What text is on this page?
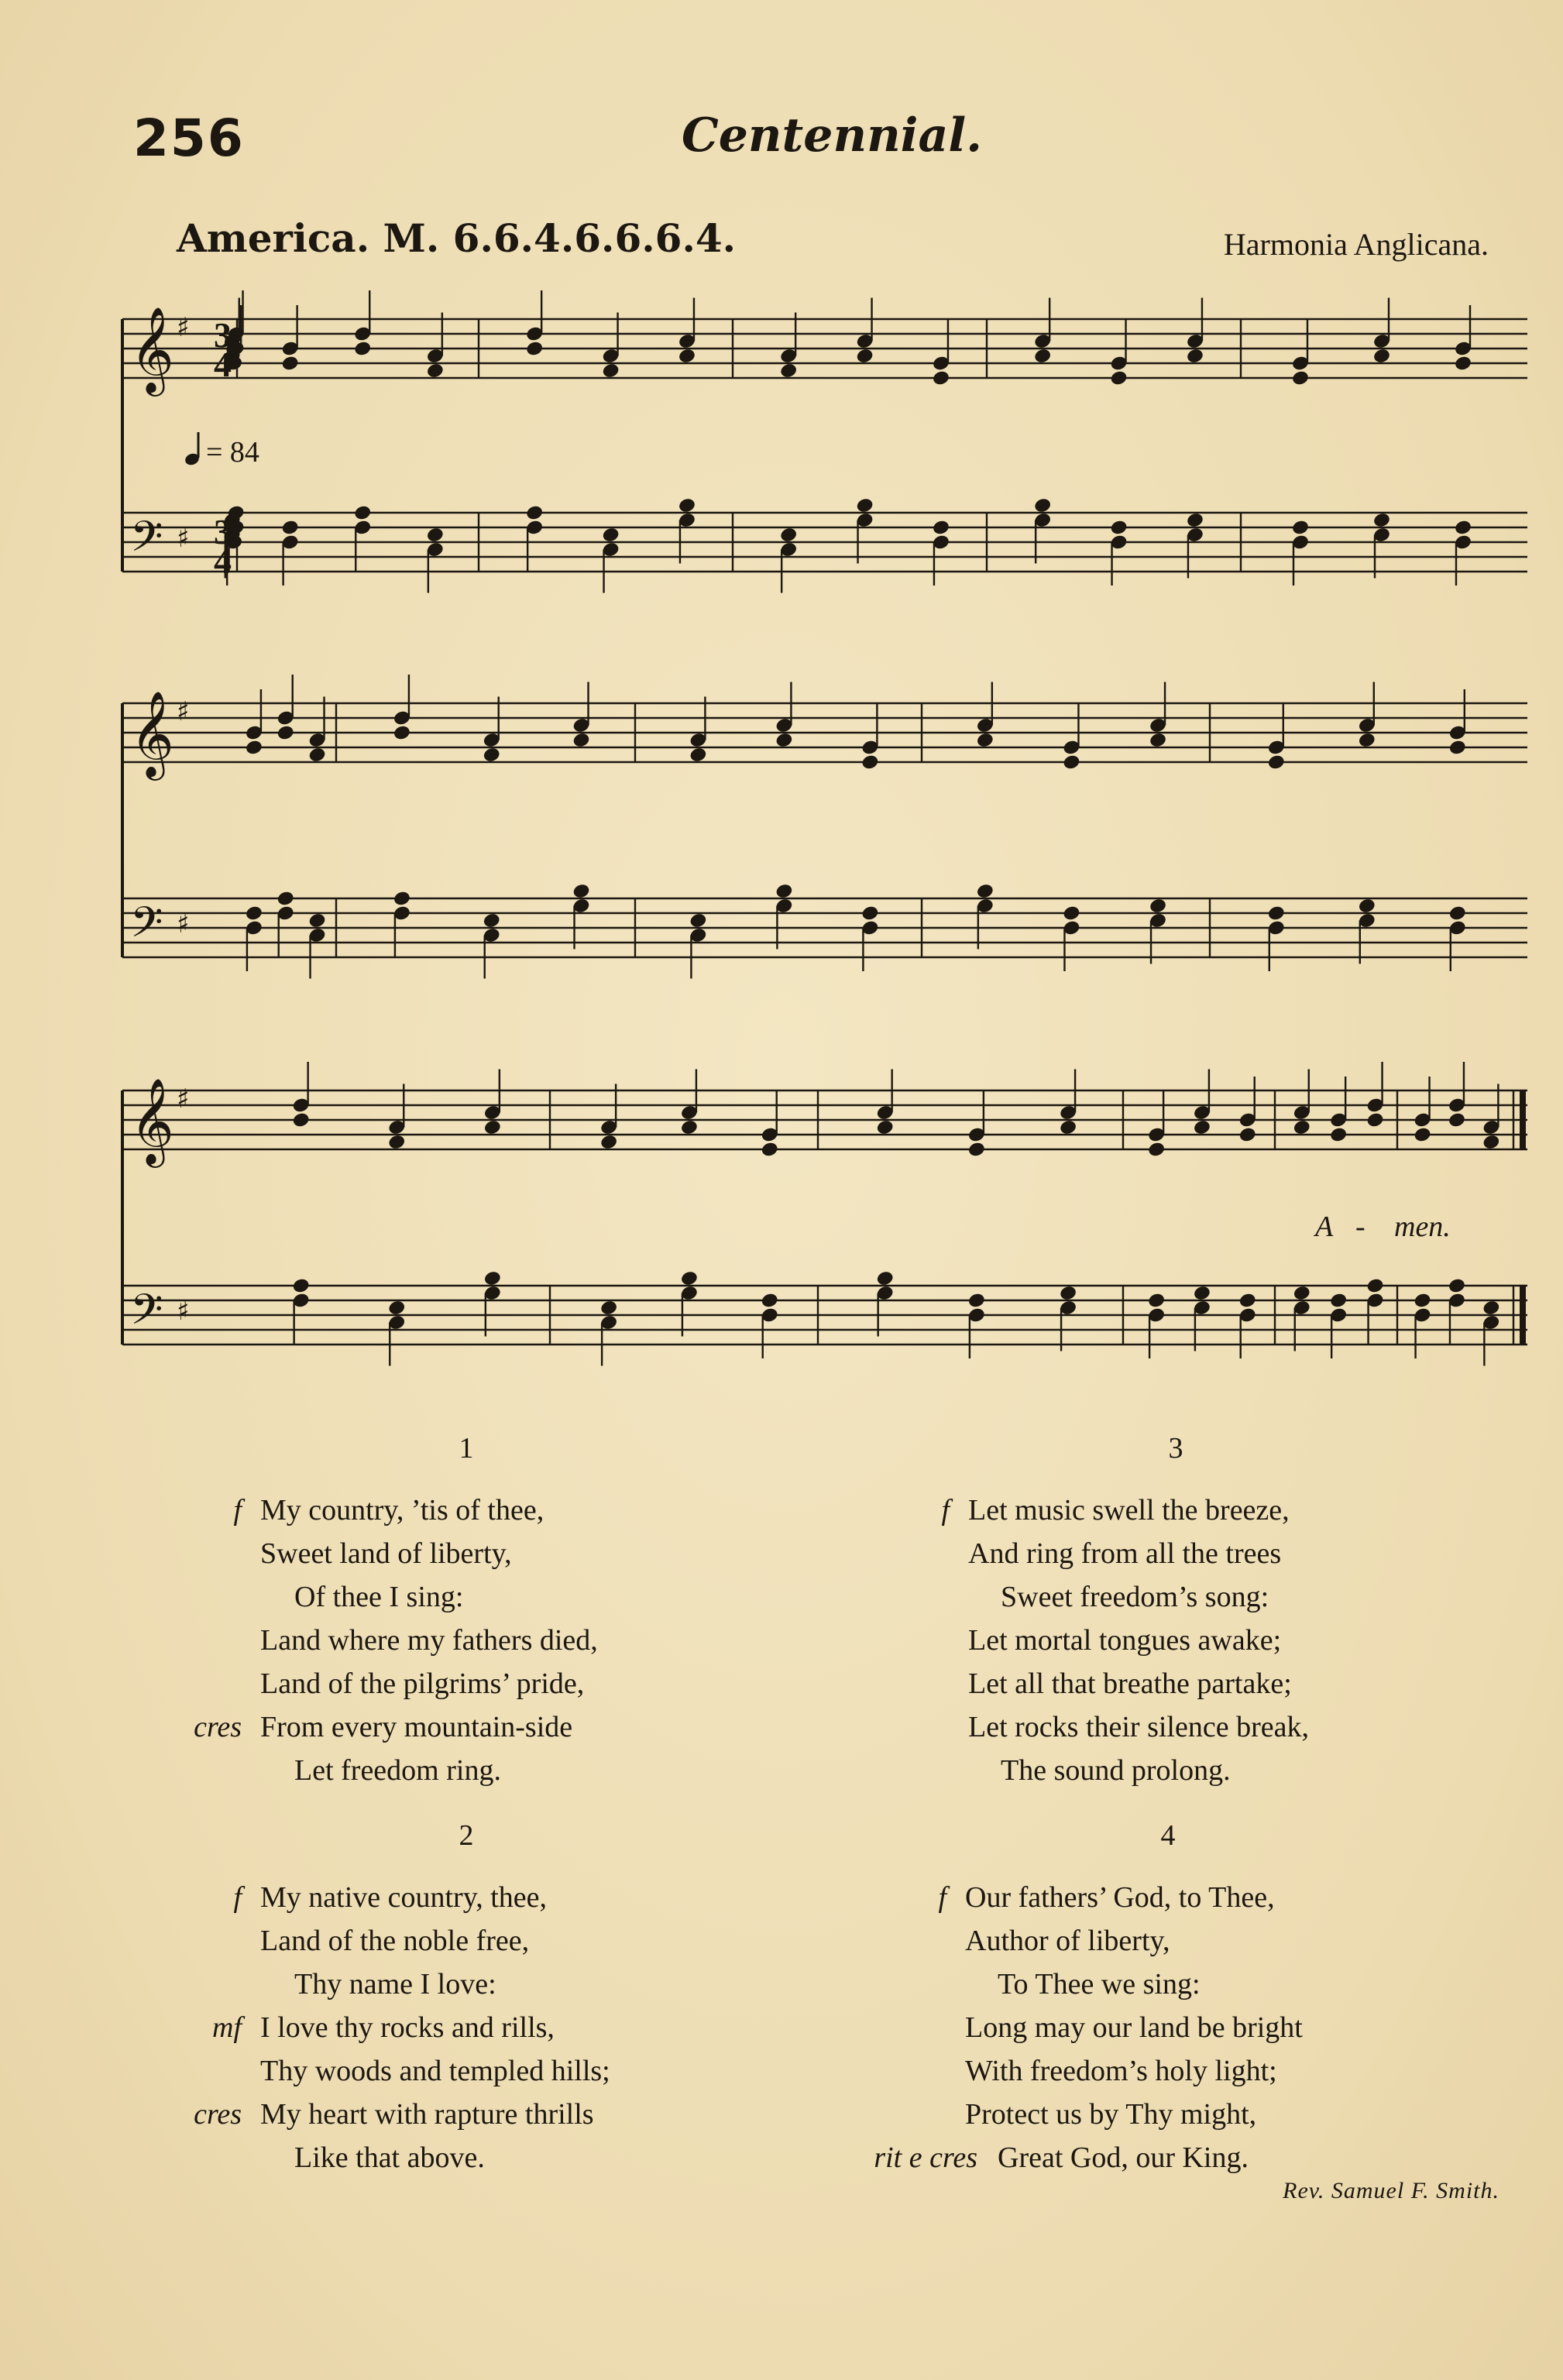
256	Centennial.
America. M. 6.6.4.6.6.6.4.	Harmonia Anglicana.
𝄞 ♯
𝄢 ♯
𝄞 ♯
𝄢 ♯
𝄞 ♯
𝄢 ♯
3
4
3
4
= 84
A - men.
1
f My country, ’tis of thee,
Sweet land of liberty,
Of thee I sing:
Land where my fathers died,
Land of the pilgrims’ pride,
cres From every mountain-side
Let freedom ring.
2
f My native country, thee,
Land of the noble free,
Thy name I love:
mf I love thy rocks and rills,
Thy woods and templed hills;
cres My heart with rapture thrills
Like that above.
3
f Let music swell the breeze,
And ring from all the trees
Sweet freedom’s song:
Let mortal tongues awake;
Let all that breathe partake;
Let rocks their silence break,
The sound prolong.
4
f Our fathers’ God, to Thee,
Author of liberty,
To Thee we sing:
Long may our land be bright
With freedom’s holy light;
Protect us by Thy might,
rit e cres Great God, our King.
Rev. Samuel F. Smith.
